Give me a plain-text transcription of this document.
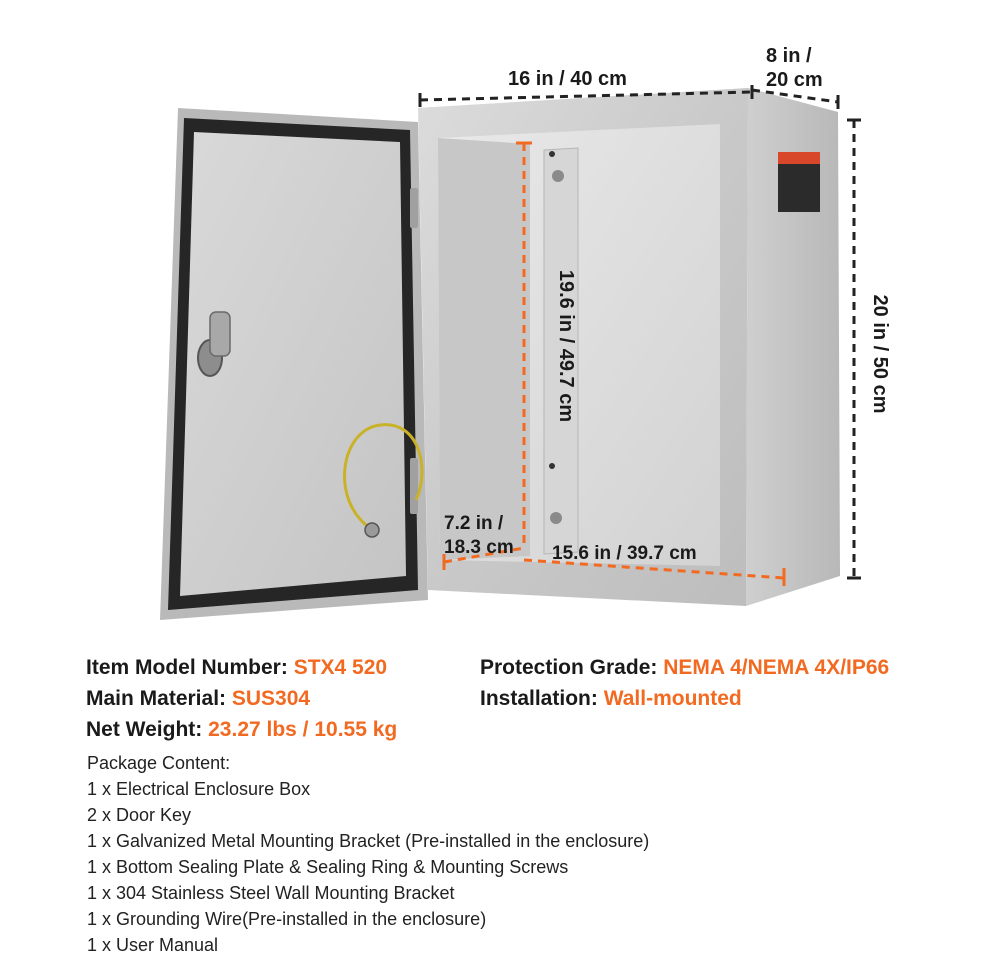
16 in / 40 cm
8 in /
20 cm
20 in / 50 cm
19.6 in / 49.7 cm
7.2 in /
18.3 cm 15.6 in / 39.7 cm
Item Model Number: STX4 520
Main Material: SUS304
Net Weight: 23.27 lbs / 10.55 kg
Protection Grade: NEMA 4/NEMA 4X/IP66
Installation: Wall-mounted
Package Content:
1 x Electrical Enclosure Box
2 x Door Key
1 x Galvanized Metal Mounting Bracket (Pre-installed in the enclosure)
1 x Bottom Sealing Plate & Sealing Ring & Mounting Screws
1 x 304 Stainless Steel Wall Mounting Bracket
1 x Grounding Wire(Pre-installed in the enclosure)
1 x User Manual
